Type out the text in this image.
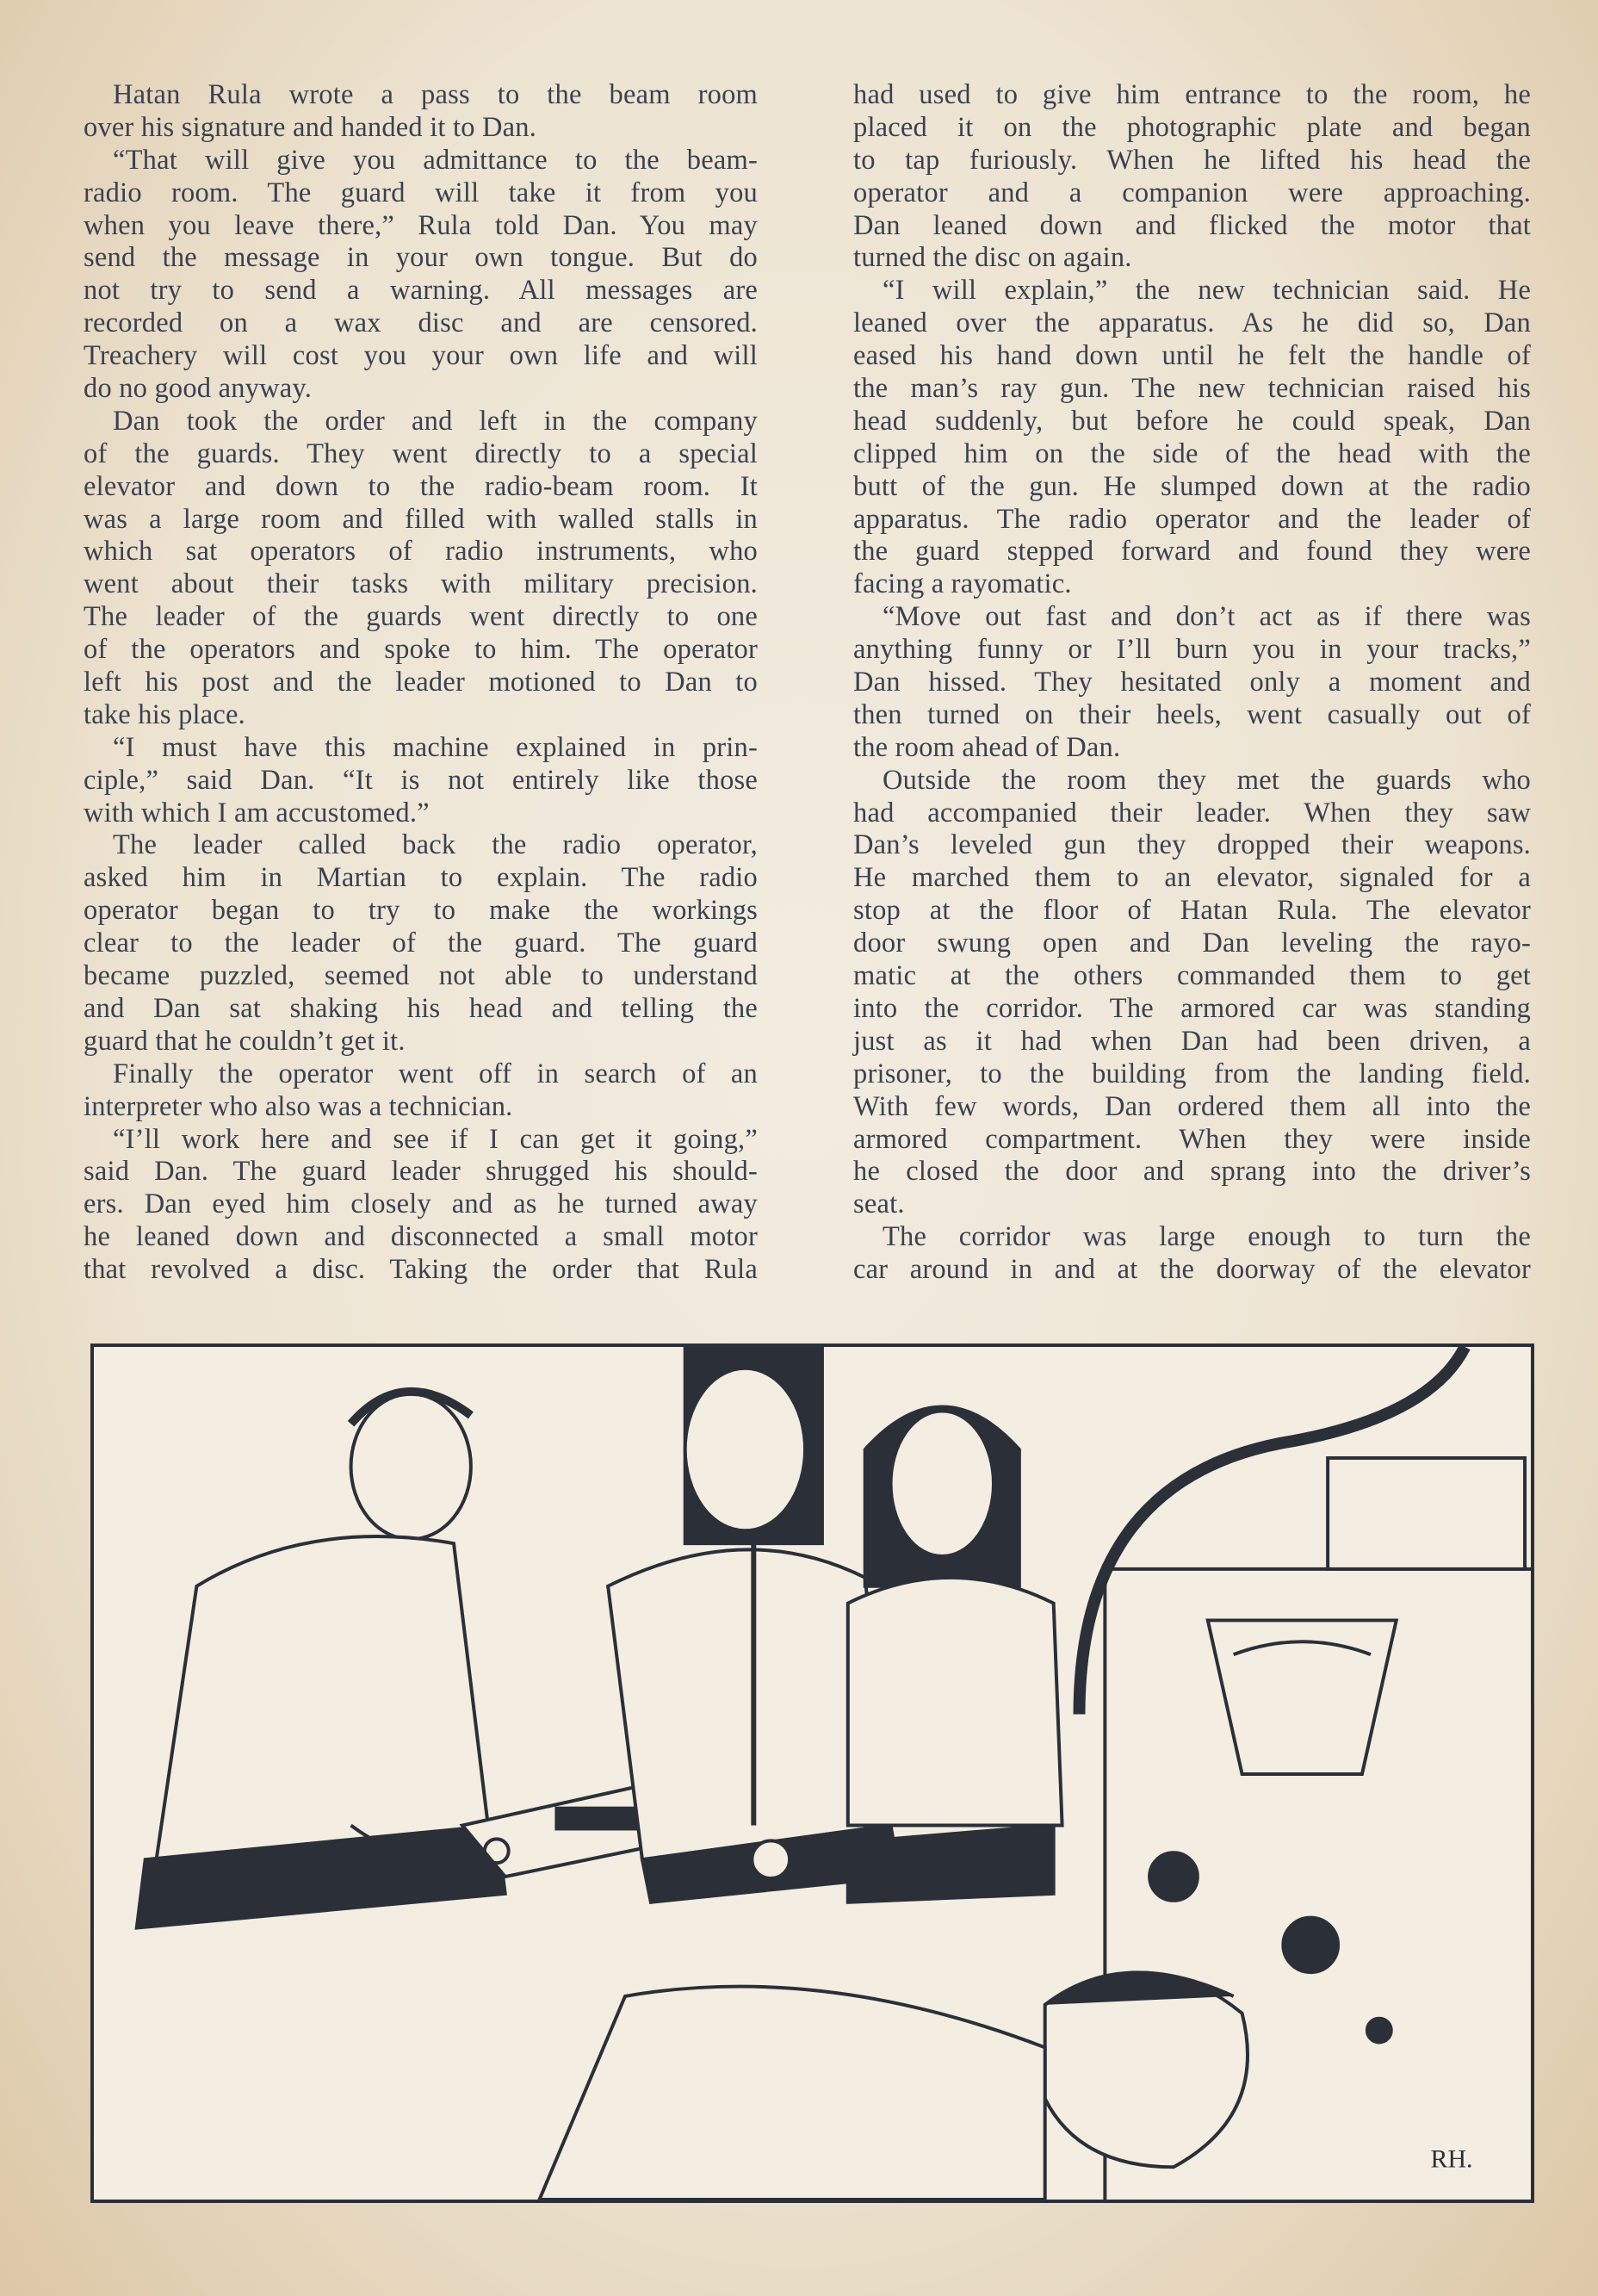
Hatan Rula wrote a pass to the beam room
over his signature and handed it to Dan.
“That will give you admittance to the beam-
radio room. The guard will take it from you
when you leave there,” Rula told Dan. You may
send the message in your own tongue. But do
not try to send a warning. All messages are
recorded on a wax disc and are censored.
Treachery will cost you your own life and will
do no good anyway.
Dan took the order and left in the company
of the guards. They went directly to a special
elevator and down to the radio-beam room. It
was a large room and filled with walled stalls in
which sat operators of radio instruments, who
went about their tasks with military precision.
The leader of the guards went directly to one
of the operators and spoke to him. The operator
left his post and the leader motioned to Dan to
take his place.
“I must have this machine explained in prin-
ciple,” said Dan. “It is not entirely like those
with which I am accustomed.”
The leader called back the radio operator,
asked him in Martian to explain. The radio
operator began to try to make the workings
clear to the leader of the guard. The guard
became puzzled, seemed not able to understand
and Dan sat shaking his head and telling the
guard that he couldn’t get it.
Finally the operator went off in search of an
interpreter who also was a technician.
“I’ll work here and see if I can get it going,”
said Dan. The guard leader shrugged his should-
ers. Dan eyed him closely and as he turned away
he leaned down and disconnected a small motor
that revolved a disc. Taking the order that Rula
had used to give him entrance to the room, he
placed it on the photographic plate and began
to tap furiously. When he lifted his head the
operator and a companion were approaching.
Dan leaned down and flicked the motor that
turned the disc on again.
“I will explain,” the new technician said. He
leaned over the apparatus. As he did so, Dan
eased his hand down until he felt the handle of
the man’s ray gun. The new technician raised his
head suddenly, but before he could speak, Dan
clipped him on the side of the head with the
butt of the gun. He slumped down at the radio
apparatus. The radio operator and the leader of
the guard stepped forward and found they were
facing a rayomatic.
“Move out fast and don’t act as if there was
anything funny or I’ll burn you in your tracks,”
Dan hissed. They hesitated only a moment and
then turned on their heels, went casually out of
the room ahead of Dan.
Outside the room they met the guards who
had accompanied their leader. When they saw
Dan’s leveled gun they dropped their weapons.
He marched them to an elevator, signaled for a
stop at the floor of Hatan Rula. The elevator
door swung open and Dan leveling the rayo-
matic at the others commanded them to get
into the corridor. The armored car was standing
just as it had when Dan had been driven, a
prisoner, to the building from the landing field.
With few words, Dan ordered them all into the
armored compartment. When they were inside
he closed the door and sprang into the driver’s
seat.
The corridor was large enough to turn the
car around in and at the doorway of the elevator
RH.
